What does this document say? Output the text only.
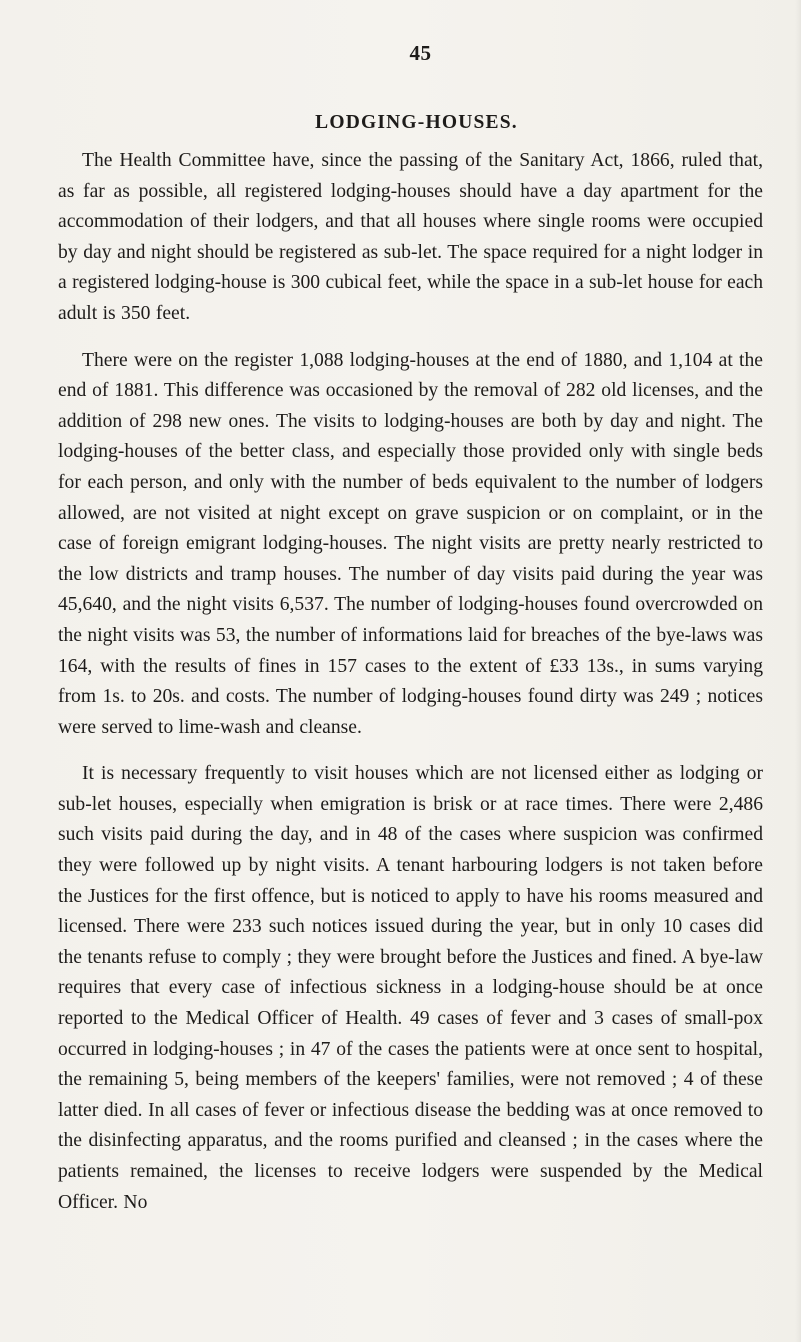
45
LODGING-HOUSES.

The Health Committee have, since the passing of the Sanitary Act, 1866, ruled that, as far as possible, all registered lodging-houses should have a day apartment for the accommodation of their lodgers, and that all houses where single rooms were occupied by day and night should be registered as sub-let. The space required for a night lodger in a registered lodging-house is 300 cubical feet, while the space in a sub-let house for each adult is 350 feet.

There were on the register 1,088 lodging-houses at the end of 1880, and 1,104 at the end of 1881. This difference was occasioned by the removal of 282 old licenses, and the addition of 298 new ones. The visits to lodging-houses are both by day and night. The lodging-houses of the better class, and especially those provided only with single beds for each person, and only with the number of beds equivalent to the number of lodgers allowed, are not visited at night except on grave suspicion or on complaint, or in the case of foreign emigrant lodging-houses. The night visits are pretty nearly restricted to the low districts and tramp houses. The number of day visits paid during the year was 45,640, and the night visits 6,537. The number of lodging-houses found overcrowded on the night visits was 53, the number of informations laid for breaches of the bye-laws was 164, with the results of fines in 157 cases to the extent of £33 13s., in sums varying from 1s. to 20s. and costs. The number of lodging-houses found dirty was 249 ; notices were served to lime-wash and cleanse.

It is necessary frequently to visit houses which are not licensed either as lodging or sub-let houses, especially when emigration is brisk or at race times. There were 2,486 such visits paid during the day, and in 48 of the cases where suspicion was confirmed they were followed up by night visits. A tenant harbouring lodgers is not taken before the Justices for the first offence, but is noticed to apply to have his rooms measured and licensed. There were 233 such notices issued during the year, but in only 10 cases did the tenants refuse to comply ; they were brought before the Justices and fined. A bye-law requires that every case of infectious sickness in a lodging-house should be at once reported to the Medical Officer of Health. 49 cases of fever and 3 cases of small-pox occurred in lodging-houses ; in 47 of the cases the patients were at once sent to hospital, the remaining 5, being members of the keepers' families, were not removed ; 4 of these latter died. In all cases of fever or infectious disease the bedding was at once removed to the disinfecting apparatus, and the rooms purified and cleansed ; in the cases where the patients remained, the licenses to receive lodgers were suspended by the Medical Officer. No
